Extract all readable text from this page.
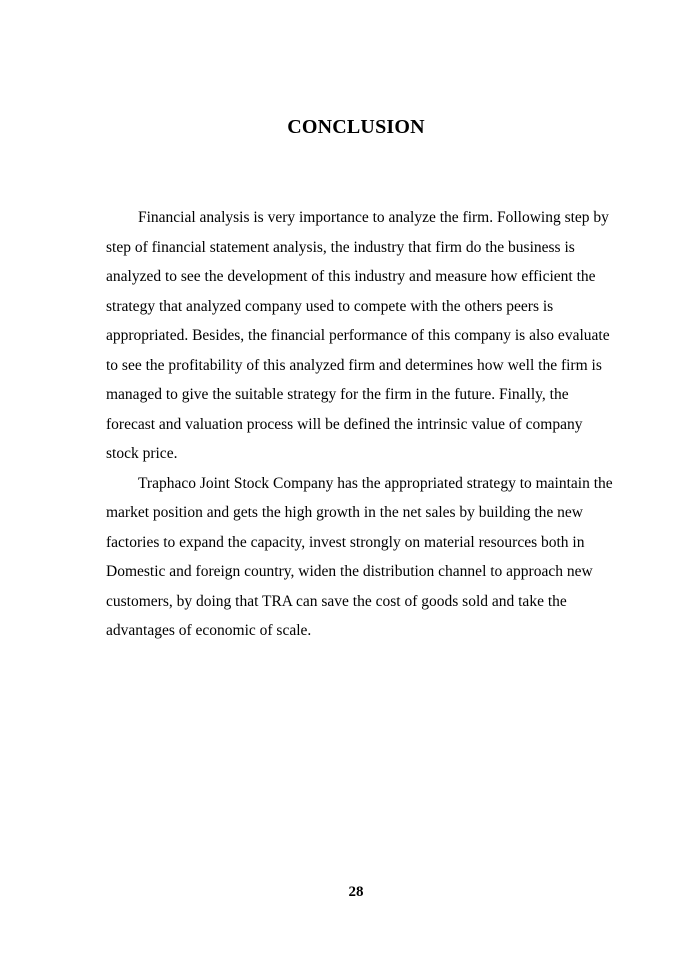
CONCLUSION
Financial analysis is very importance to analyze the firm. Following step by
step of financial statement analysis, the industry that firm do the business is
analyzed to see the development of this industry and measure how efficient the
strategy that analyzed company used to compete with the others peers is
appropriated. Besides, the financial performance of this company is also evaluate
to see the profitability of this analyzed firm and determines how well the firm is
managed to give the suitable strategy for the firm in the future. Finally, the
forecast and valuation process will be defined the intrinsic value of company
stock price.
Traphaco Joint Stock Company has the appropriated strategy to maintain the
market position and gets the high growth in the net sales by building the new
factories to expand the capacity, invest strongly on material resources both in
Domestic and foreign country, widen the distribution channel to approach new
customers, by doing that TRA can save the cost of goods sold and take the
advantages of economic of scale.
28
